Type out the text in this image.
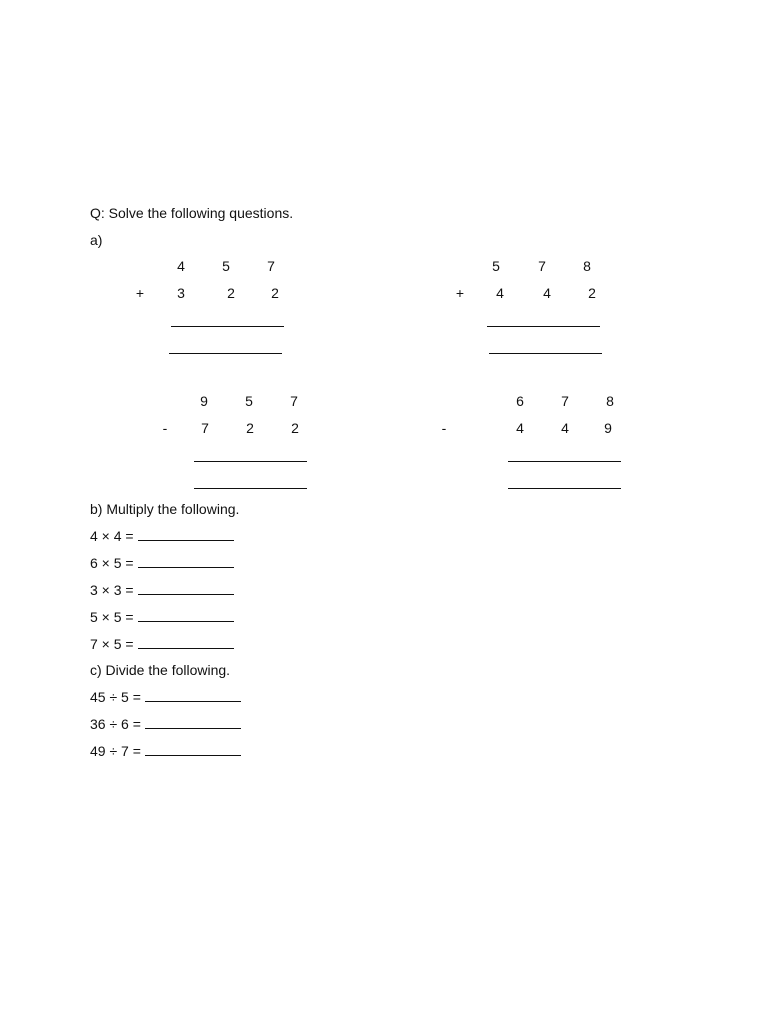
Q: Solve the following questions.
a)
4	5	7
+	3	2	2
5	7	8
+	4	4	2
9	5	7
-	7	2	2
6	7	8
-	4	4	9
b) Multiply the following.
4 × 4 =
6 × 5 =
3 × 3 =
5 × 5 =
7 × 5 =
c) Divide the following.
45 ÷ 5 =
36 ÷ 6 =
49 ÷ 7 =
